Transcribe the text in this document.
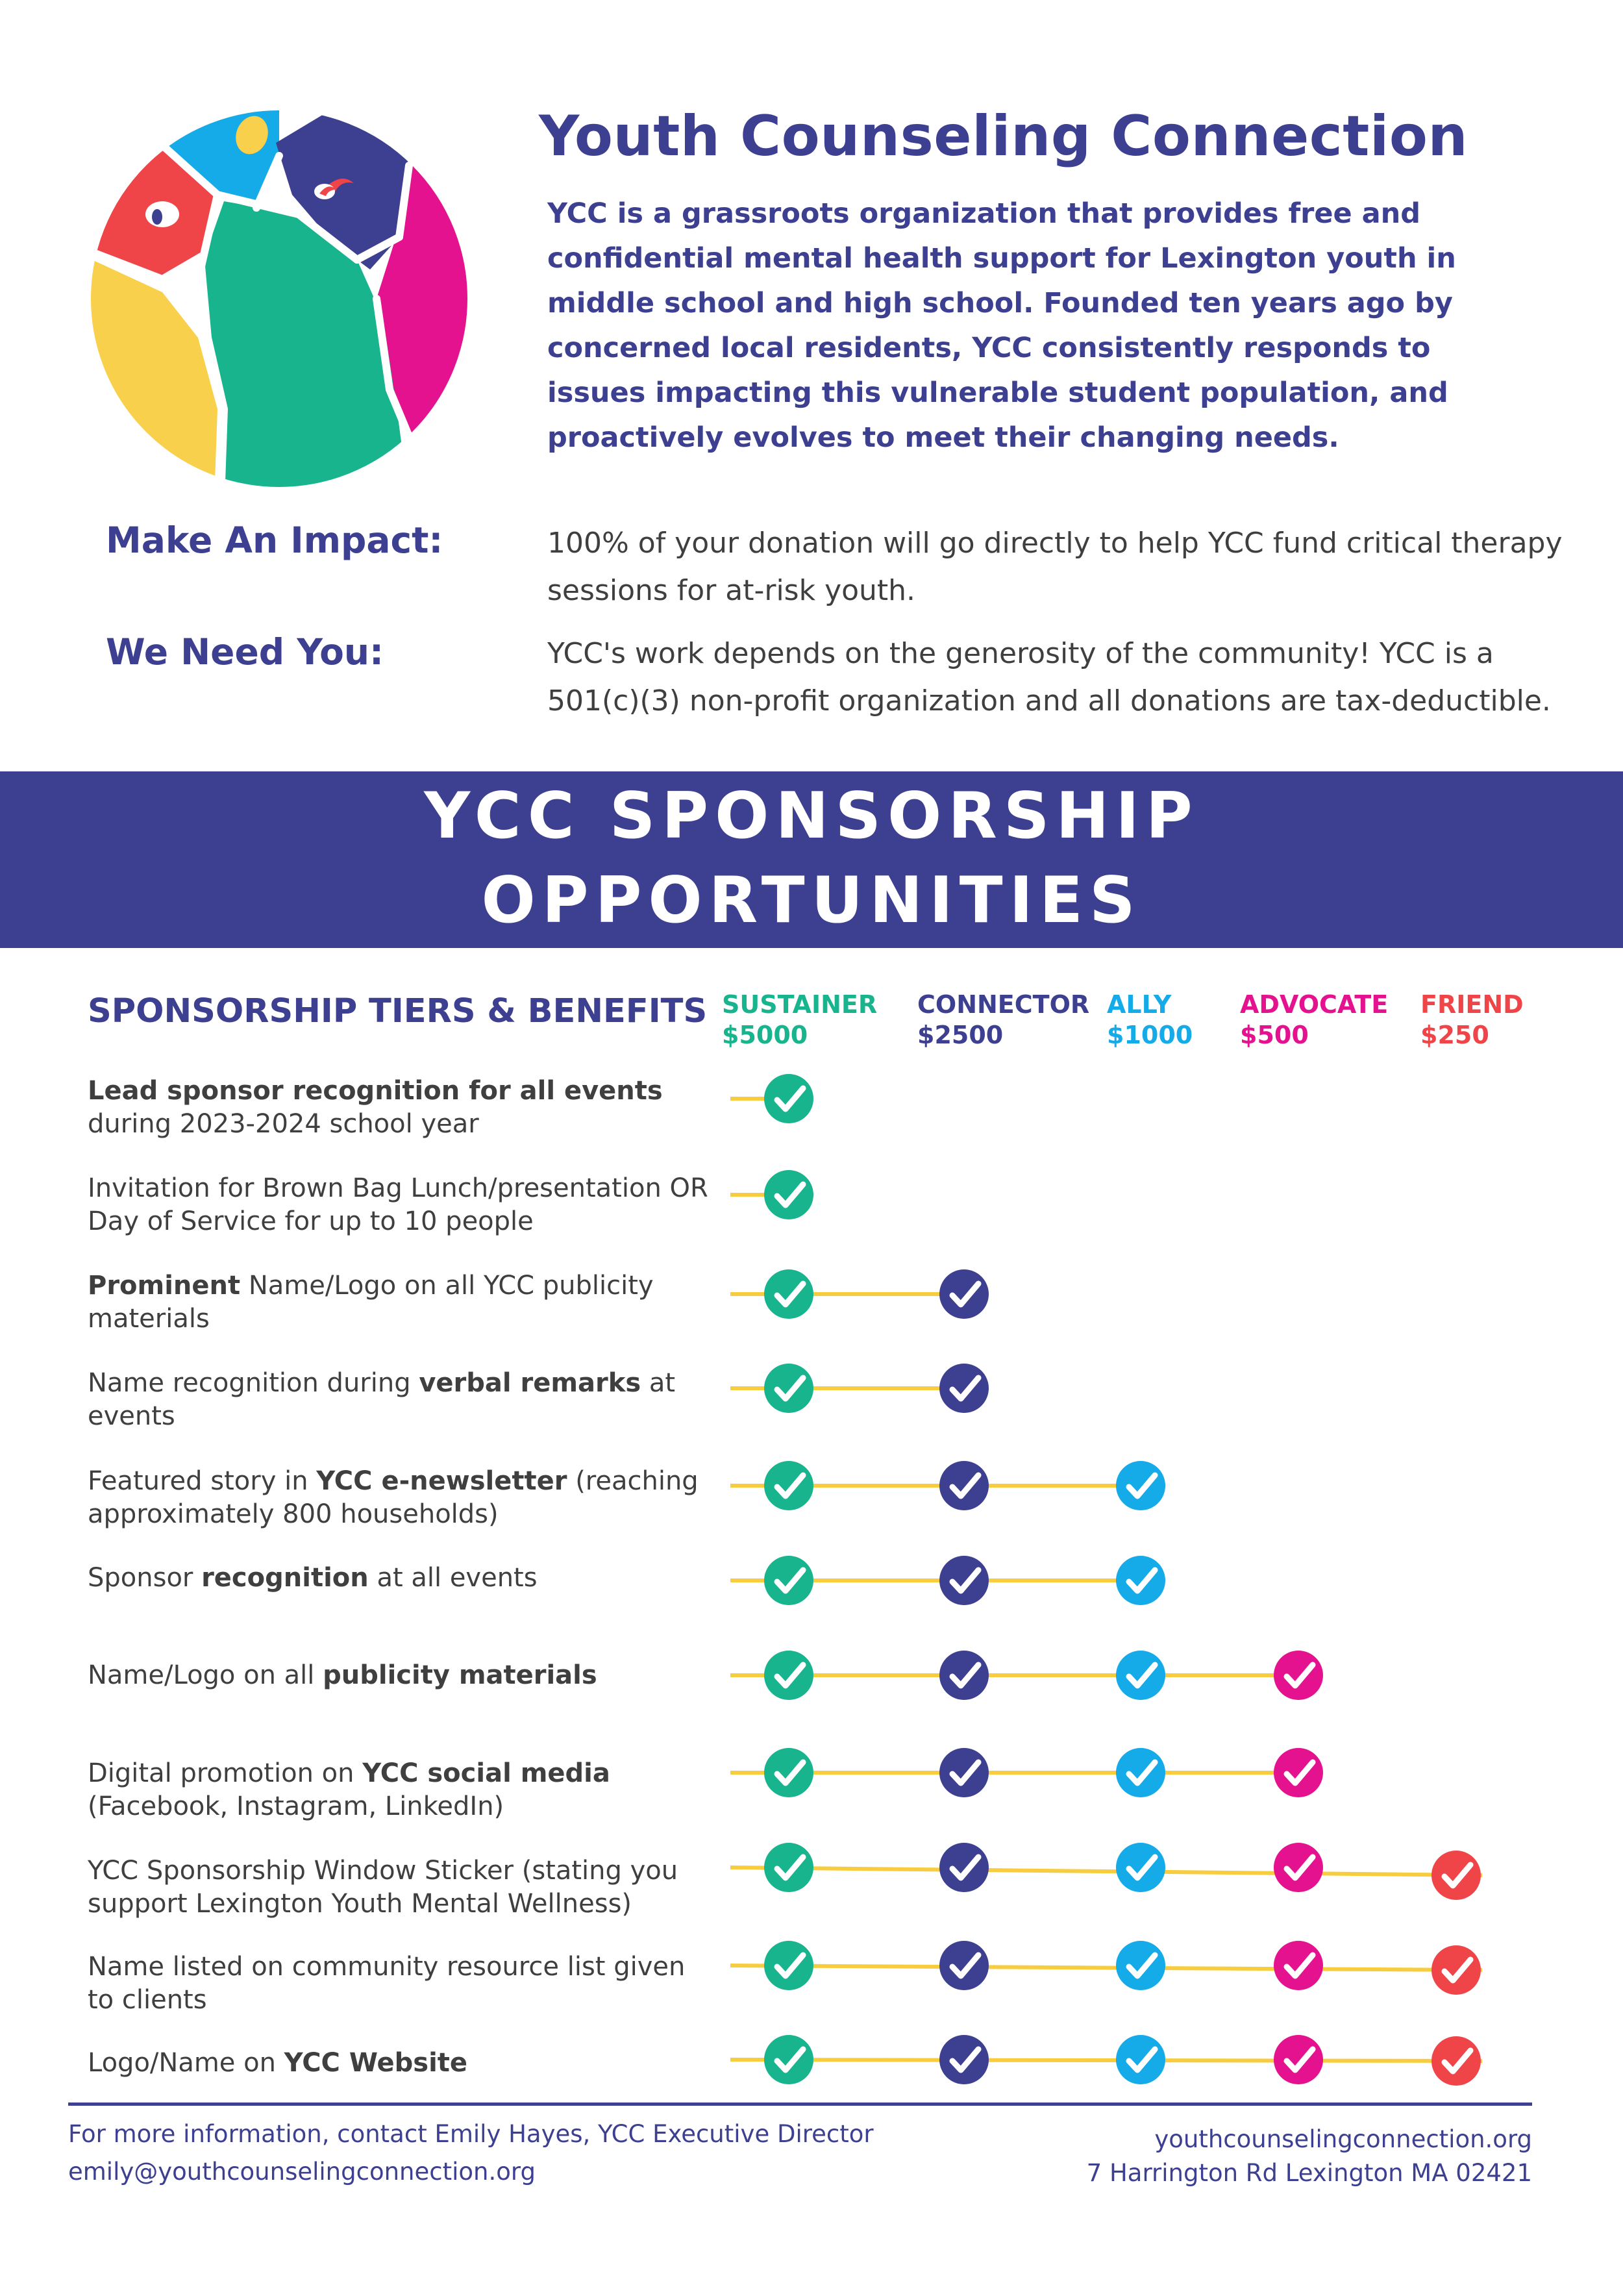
Youth Counseling Connection
YCC is a grassroots organization that provides free and confidential mental health support for Lexington youth in middle school and high school. Founded ten years ago by concerned local residents, YCC consistently responds to issues impacting this vulnerable student population, and proactively evolves to meet their changing needs.
Make An Impact:	100% of your donation will go directly to help YCC fund critical therapy sessions for at-risk youth.
We Need You:	YCC's work depends on the generosity of the community! YCC is a 501(c)(3) non-profit organization and all donations are tax-deductible.
YCC SPONSORSHIP
OPPORTUNITIES
SPONSORSHIP TIERS & BENEFITS SUSTAINER
$5000
CONNECTOR
$2500
ALLY
$1000
ADVOCATE
$500
FRIEND
$250
Lead sponsor recognition for all events during 2023-2024 school year
Invitation for Brown Bag Lunch/presentation OR Day of Service for up to 10 people
Prominent Name/Logo on all YCC publicity materials
Name recognition during verbal remarks at events
Featured story in YCC e-newsletter (reaching approximately 800 households)
Sponsor recognition at all events
Name/Logo on all publicity materials
Digital promotion on YCC social media (Facebook, Instagram, LinkedIn)
YCC Sponsorship Window Sticker (stating you support Lexington Youth Mental Wellness)
Name listed on community resource list given to clients
Logo/Name on YCC Website
For more information, contact Emily Hayes, YCC Executive Director
emily@youthcounselingconnection.org
youthcounselingconnection.org
7 Harrington Rd Lexington MA 02421
